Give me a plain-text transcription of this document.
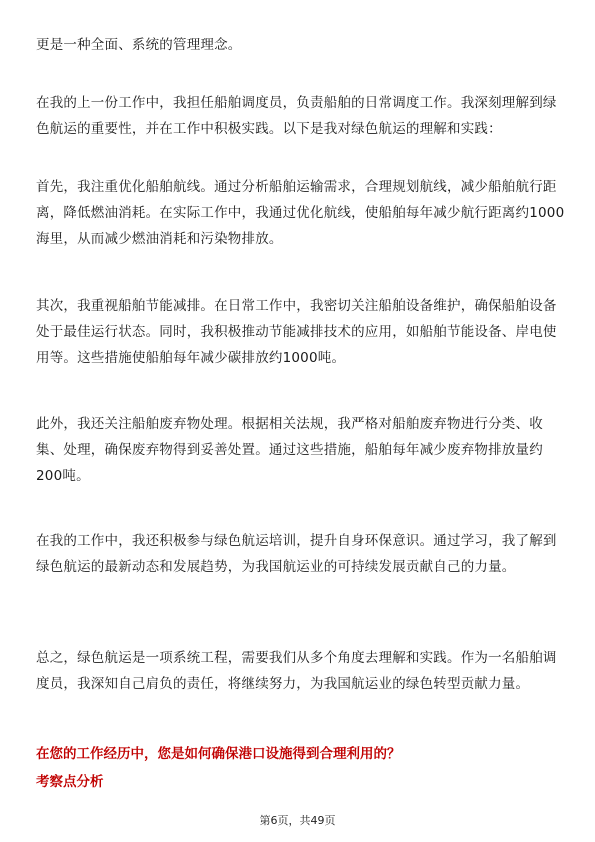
更是一种全面、系统的管理理念。

在我的上一份工作中，我担任船舶调度员，负责船舶的日常调度工作。我深刻理解到绿色航运的重要性，并在工作中积极实践。以下是我对绿色航运的理解和实践：

首先，我注重优化船舶航线。通过分析船舶运输需求，合理规划航线，减少船舶航行距离，降低燃油消耗。在实际工作中，我通过优化航线，使船舶每年减少航行距离约1000海里，从而减少燃油消耗和污染物排放。

其次，我重视船舶节能减排。在日常工作中，我密切关注船舶设备维护，确保船舶设备处于最佳运行状态。同时，我积极推动节能减排技术的应用，如船舶节能设备、岸电使用等。这些措施使船舶每年减少碳排放约1000吨。

此外，我还关注船舶废弃物处理。根据相关法规，我严格对船舶废弃物进行分类、收集、处理，确保废弃物得到妥善处置。通过这些措施，船舶每年减少废弃物排放量约200吨。

在我的工作中，我还积极参与绿色航运培训，提升自身环保意识。通过学习，我了解到绿色航运的最新动态和发展趋势，为我国航运业的可持续发展贡献自己的力量。

总之，绿色航运是一项系统工程，需要我们从多个角度去理解和实践。作为一名船舶调度员，我深知自己肩负的责任，将继续努力，为我国航运业的绿色转型贡献力量。

在您的工作经历中，您是如何确保港口设施得到合理利用的？

考察点分析

第6页，共49页
